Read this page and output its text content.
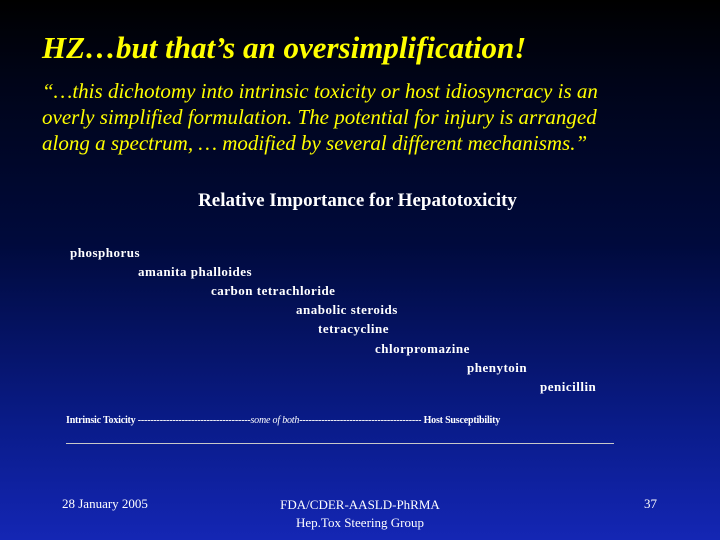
HZ…but that’s an oversimplification!
“…this dichotomy into intrinsic toxicity or host idiosyncracy is an
overly simplified formulation. The potential for injury is arranged
along a spectrum, … modified by several different mechanisms.”
Relative Importance for Hepatotoxicity
phosphorus
amanita phalloides
carbon tetrachloride
anabolic steroids
tetracycline
chlorpromazine
phenytoin
penicillin
Intrinsic Toxicity ------------------------------------some of both--------------------------------------- Host Susceptibility
28 January 2005	FDA/CDER-AASLD-PhRMA
Hep.Tox Steering Group
37
